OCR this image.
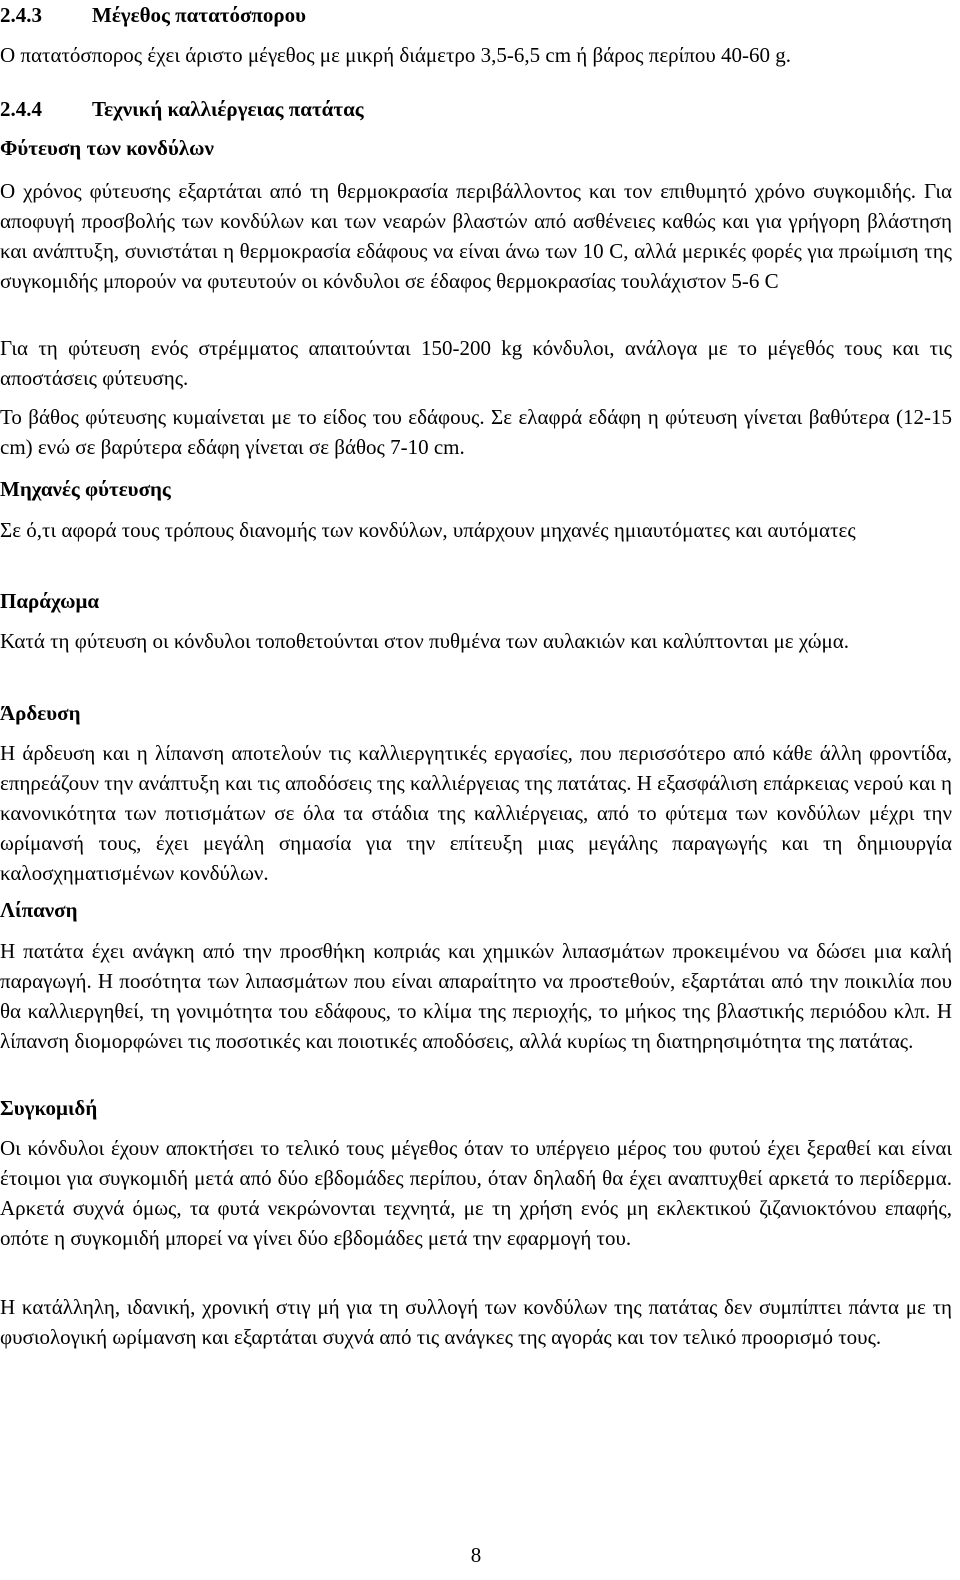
2.4.3 Μέγεθος πατατόσπορου

Ο πατατόσπορος έχει άριστο μέγεθος με μικρή διάμετρο 3,5-6,5 cm ή βάρος περίπου 40-60 g.

2.4.4 Τεχνική καλλιέργειας πατάτας
Φύτευση των κονδύλων

Ο χρόνος φύτευσης εξαρτάται από τη θερμοκρασία περιβάλλοντος και τον επιθυμητό χρόνο συγκομιδής. Για αποφυγή προσβολής των κονδύλων και των νεαρών βλαστών από ασθένειες καθώς και για γρήγορη βλάστηση και ανάπτυξη, συνιστάται η θερμοκρασία εδάφους να είναι άνω των 10 C, αλλά μερικές φορές για πρωίμιση της συγκομιδής μπορούν να φυτευτούν οι κόνδυλοι σε έδαφος θερμοκρασίας τουλάχιστον 5-6 C

Για τη φύτευση ενός στρέμματος απαιτούνται 150-200 kg κόνδυλοι, ανάλογα με το μέγεθός τους και τις αποστάσεις φύτευσης.

Το βάθος φύτευσης κυμαίνεται με το είδος του εδάφους. Σε ελαφρά εδάφη η φύτευση γίνεται βαθύτερα (12-15 cm) ενώ σε βαρύτερα εδάφη γίνεται σε βάθος 7-10 cm.

Μηχανές φύτευσης

Σε ό,τι αφορά τους τρόπους διανομής των κονδύλων, υπάρχουν μηχανές ημιαυτόματες και αυτόματες

Παράχωμα

Κατά τη φύτευση οι κόνδυλοι τοποθετούνται στον πυθμένα των αυλακιών και καλύπτονται με χώμα.

Άρδευση

Η άρδευση και η λίπανση αποτελούν τις καλλιεργητικές εργασίες, που περισσότερο από κάθε άλλη φροντίδα, επηρεάζουν την ανάπτυξη και τις αποδόσεις της καλλιέργειας της πατάτας. Η εξασφάλιση επάρκειας νερού και η κανονικότητα των ποτισμάτων σε όλα τα στάδια της καλλιέργειας, από το φύτεμα των κονδύλων μέχρι την ωρίμανσή τους, έχει μεγάλη σημασία για την επίτευξη μιας μεγάλης παραγωγής και τη δημιουργία καλοσχηματισμένων κονδύλων.

Λίπανση

Η πατάτα έχει ανάγκη από την προσθήκη κοπριάς και χημικών λιπασμάτων προκειμένου να δώσει μια καλή παραγωγή. Η ποσότητα των λιπασμάτων που είναι απαραίτητο να προστεθούν, εξαρτάται από την ποικιλία που θα καλλιεργηθεί, τη γονιμότητα του εδάφους, το κλίμα της περιοχής, το μήκος της βλαστικής περιόδου κλπ. Η λίπανση διομορφώνει τις ποσοτικές και ποιοτικές αποδόσεις, αλλά κυρίως τη διατηρησιμότητα της πατάτας.

Συγκομιδή

Οι κόνδυλοι έχουν αποκτήσει το τελικό τους μέγεθος όταν το υπέργειο μέρος του φυτού έχει ξεραθεί και είναι έτοιμοι για συγκομιδή μετά από δύο εβδομάδες περίπου, όταν δηλαδή θα έχει αναπτυχθεί αρκετά το περίδερμα. Αρκετά συχνά όμως, τα φυτά νεκρώνονται τεχνητά, με τη χρήση ενός μη εκλεκτικού ζιζανιοκτόνου επαφής, οπότε η συγκομιδή μπορεί να γίνει δύο εβδομάδες μετά την εφαρμογή του.

Η κατάλληλη, ιδανική, χρονική στιγ μή για τη συλλογή των κονδύλων της πατάτας δεν συμπίπτει πάντα με τη φυσιολογική ωρίμανση και εξαρτάται συχνά από τις ανάγκες της αγοράς και τον τελικό προορισμό τους.

8
